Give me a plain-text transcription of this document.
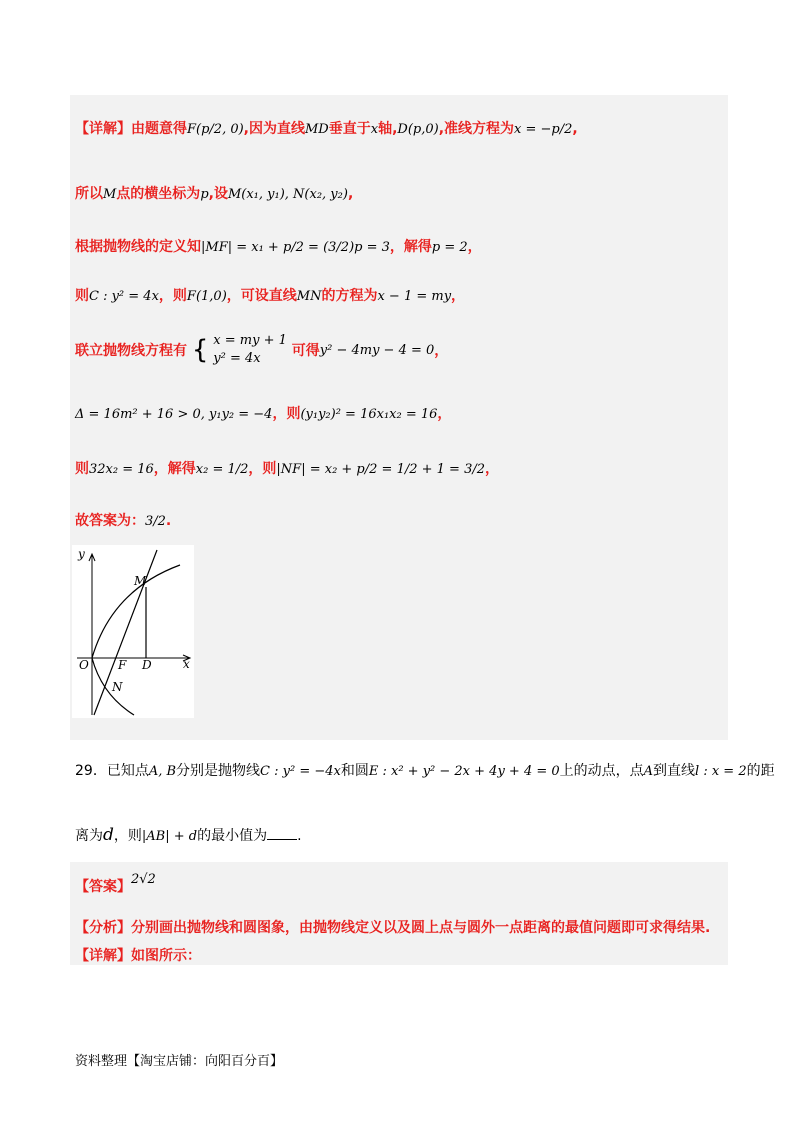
【详解】由题意得F(p/2, 0),因为直线MD垂直于x轴,D(p,0),准线方程为x = −p/2,
所以M点的横坐标为p,设M(x₁, y₁), N(x₂, y₂),
根据抛物线的定义知|MF| = x₁ + p/2 = (3/2)p = 3，解得p = 2，
则C : y² = 4x，则F(1,0)，可设直线MN的方程为x − 1 = my，
联立抛物线方程有 { x = my + 1
y² = 4x	可得y² − 4my − 4 = 0，
Δ = 16m² + 16 > 0, y₁y₂ = −4，则(y₁y₂)² = 16x₁x₂ = 16，
则32x₂ = 16，解得x₂ = 1/2，则|NF| = x₂ + p/2 = 1/2 + 1 = 3/2，
故答案为：3/2.
y
x
O F D
M
N
29．已知点A, B分别是抛物线C : y² = −4x和圆E : x² + y² − 2x + 4y + 4 = 0上的动点，点A到直线l : x = 2的距
离为d，则|AB| + d的最小值为 .
【答案】2√2
【分析】分别画出抛物线和圆图象，由抛物线定义以及圆上点与圆外一点距离的最值问题即可求得结果.
【详解】如图所示：
资料整理【淘宝店铺：向阳百分百】
